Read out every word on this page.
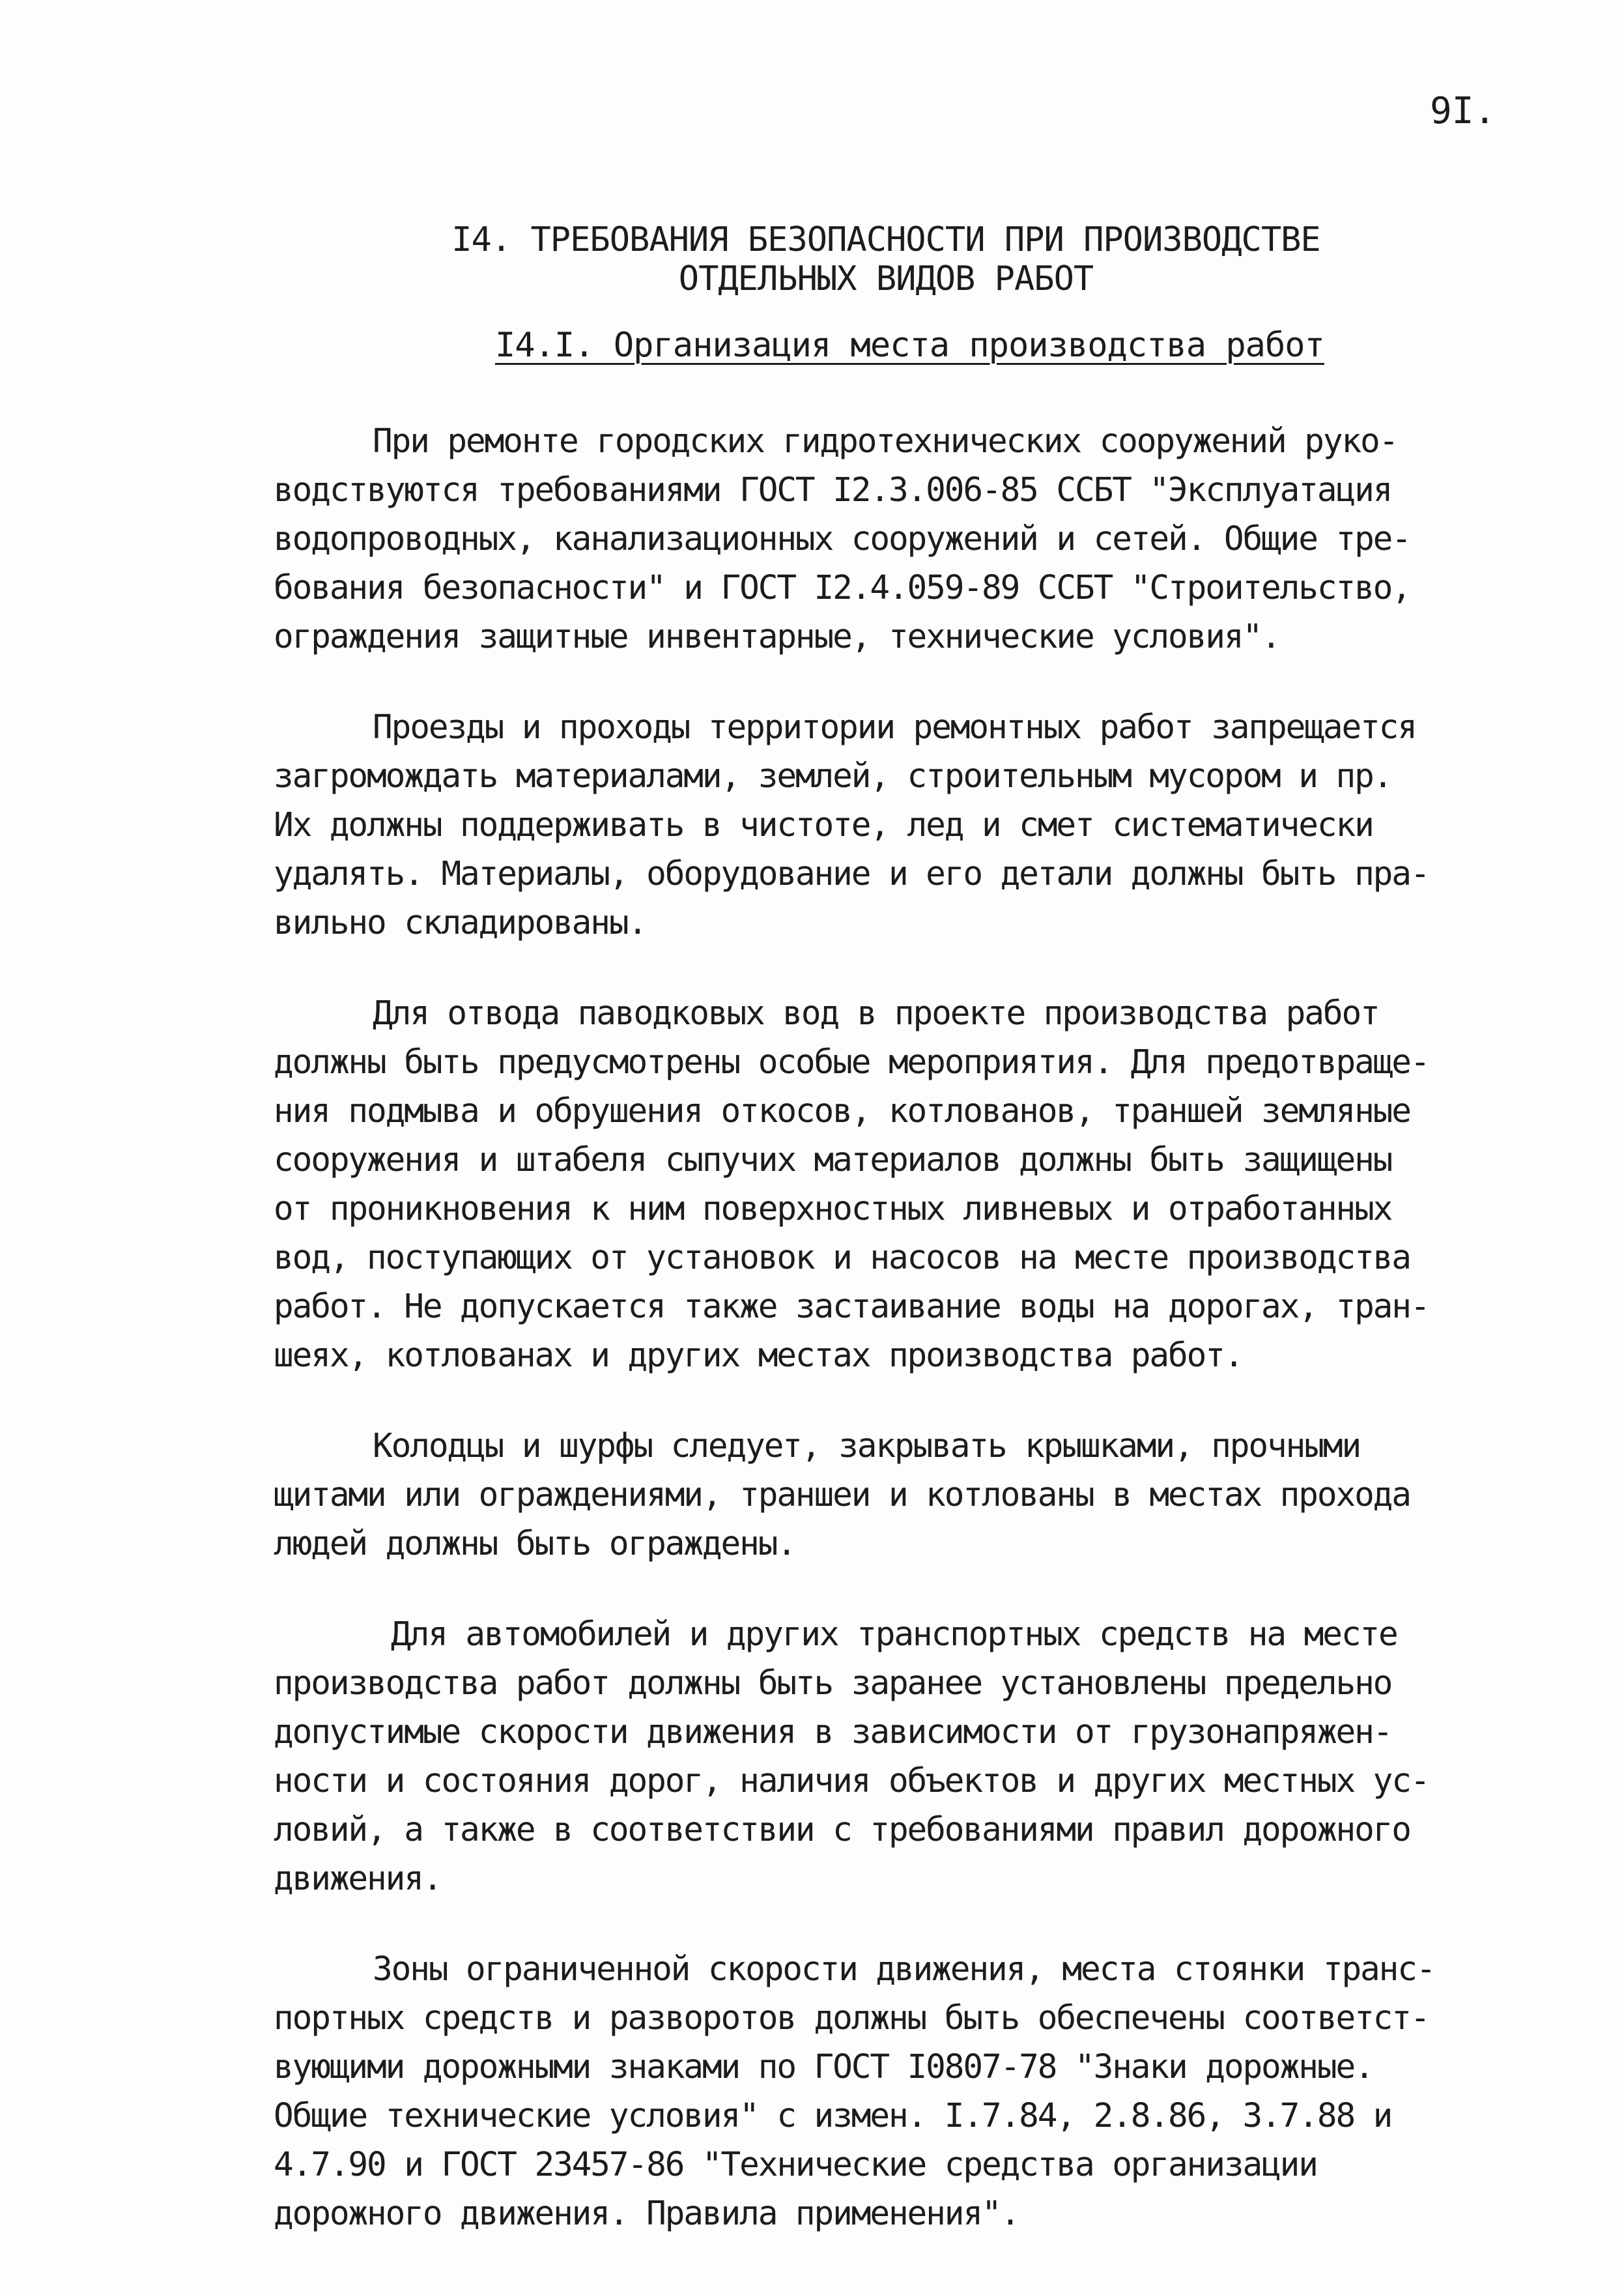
9I.
I4. ТРЕБОВАНИЯ БЕЗОПАСНОСТИ ПРИ ПРОИЗВОДСТВЕ
ОТДЕЛЬНЫХ ВИДОВ РАБОТ
I4.I. Организация места производства работ
При ремонте городских гидротехнических сооружений руко-
водствуются требованиями ГОСТ I2.3.006-85 ССБТ "Эксплуатация
водопроводных, канализационных сооружений и сетей. Общие тре-
бования безопасности" и ГОСТ I2.4.059-89 ССБТ "Строительство,
ограждения защитные инвентарные, технические условия".
Проезды и проходы территории ремонтных работ запрещается
загромождать материалами, землей, строительным мусором и пр.
Их должны поддерживать в чистоте, лед и смет систематически
удалять. Материалы, оборудование и его детали должны быть пра-
вильно складированы.
Для отвода паводковых вод в проекте производства работ
должны быть предусмотрены особые мероприятия. Для предотвраще-
ния подмыва и обрушения откосов, котлованов, траншей земляные
сооружения и штабеля сыпучих материалов должны быть защищены
от проникновения к ним поверхностных ливневых и отработанных
вод, поступающих от установок и насосов на месте производства
работ. Не допускается также застаивание воды на дорогах, тран-
шеях, котлованах и других местах производства работ.
Колодцы и шурфы следует, закрывать крышками, прочными
щитами или ограждениями, траншеи и котлованы в местах прохода
людей должны быть ограждены.
Для автомобилей и других транспортных средств на месте
производства работ должны быть заранее установлены предельно
допустимые скорости движения в зависимости от грузонапряжен-
ности и состояния дорог, наличия объектов и других местных ус-
ловий, а также в соответствии с требованиями правил дорожного
движения.
Зоны ограниченной скорости движения, места стоянки транс-
портных средств и разворотов должны быть обеспечены соответст-
вующими дорожными знаками по ГОСТ I0807-78 "Знаки дорожные.
Общие технические условия" с измен. I.7.84, 2.8.86, 3.7.88 и
4.7.90 и ГОСТ 23457-86 "Технические средства организации
дорожного движения. Правила применения".
